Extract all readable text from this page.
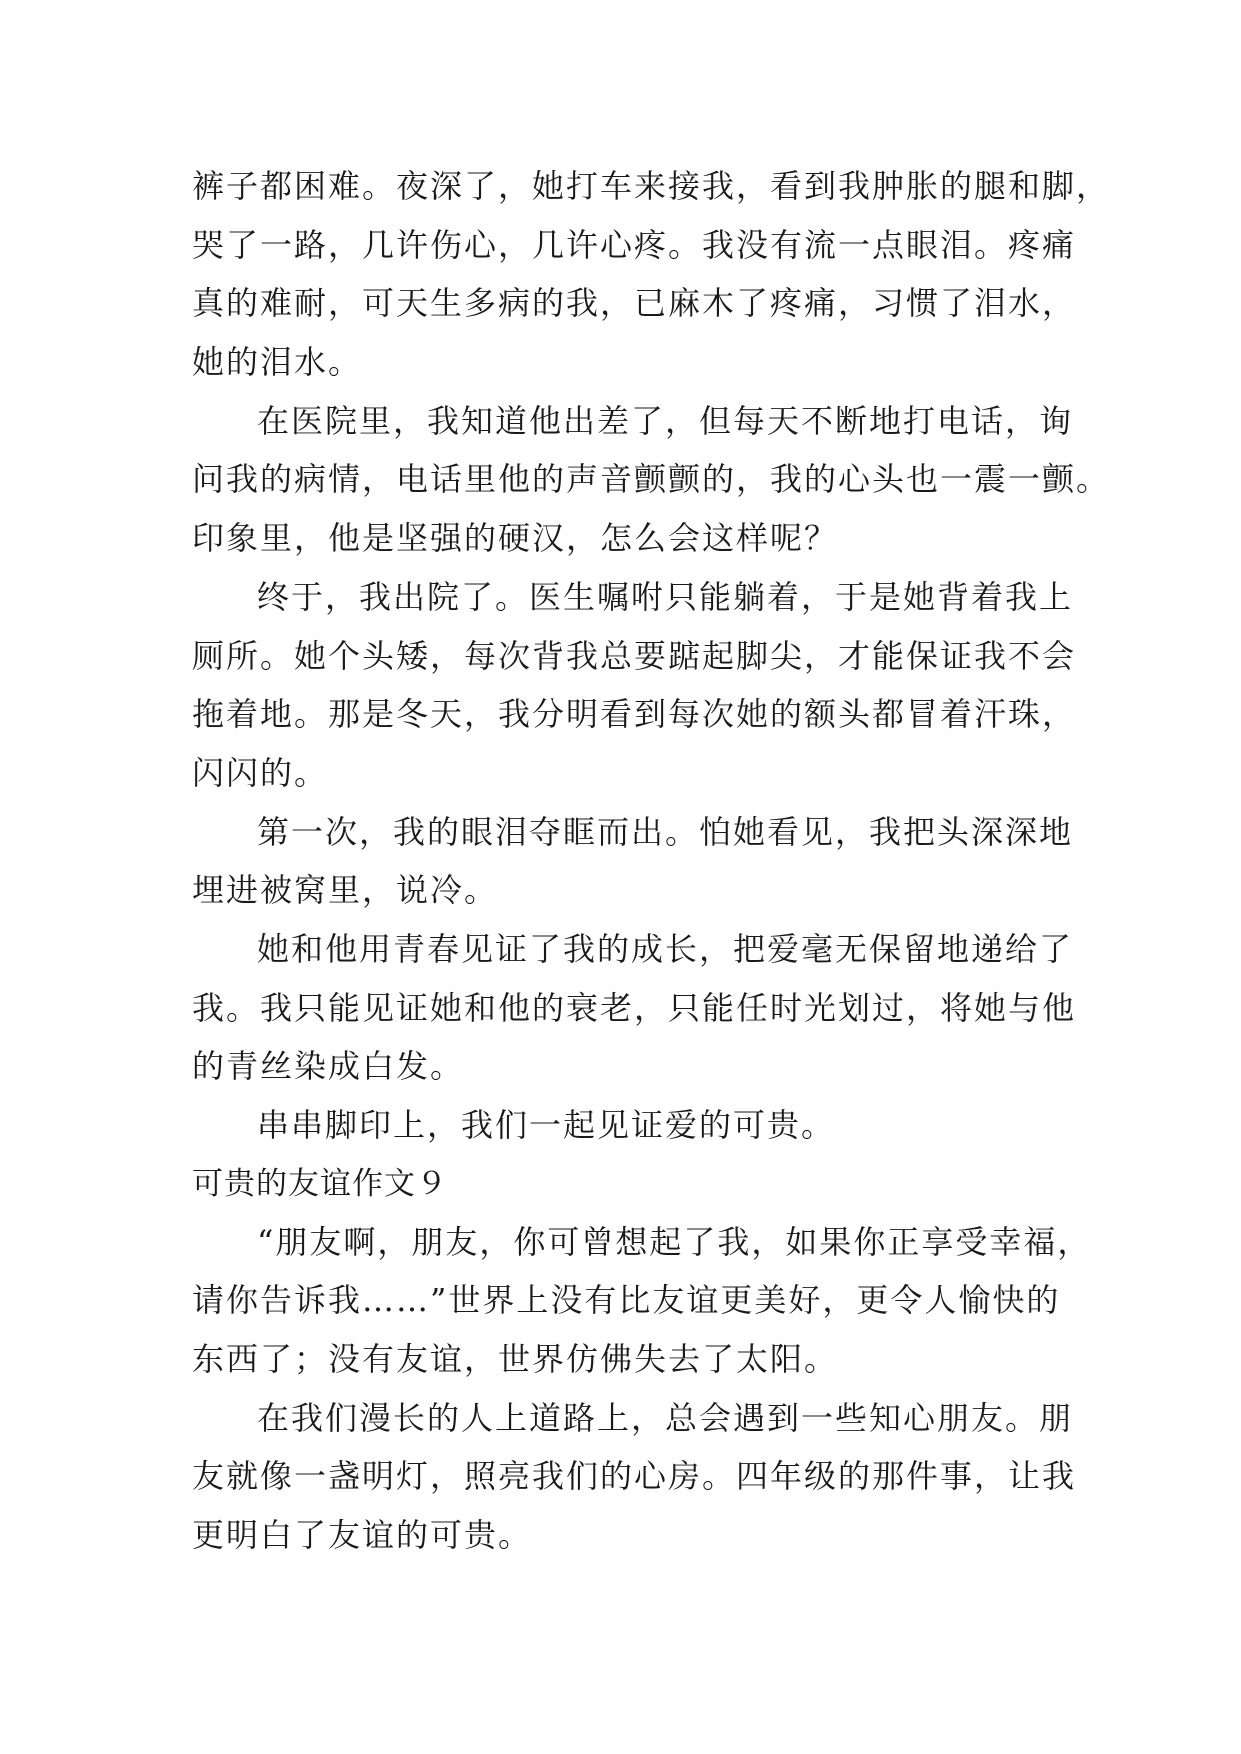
裤子都困难。夜深了，她打车来接我，看到我肿胀的腿和脚，
哭了一路，几许伤心，几许心疼。我没有流一点眼泪。疼痛
真的难耐，可天生多病的我，已麻木了疼痛，习惯了泪水，
她的泪水。
在医院里，我知道他出差了，但每天不断地打电话，询
问我的病情，电话里他的声音颤颤的，我的心头也一震一颤。
印象里，他是坚强的硬汉，怎么会这样呢？
终于，我出院了。医生嘱咐只能躺着，于是她背着我上
厕所。她个头矮，每次背我总要踮起脚尖，才能保证我不会
拖着地。那是冬天，我分明看到每次她的额头都冒着汗珠，
闪闪的。
第一次，我的眼泪夺眶而出。怕她看见，我把头深深地
埋进被窝里，说冷。
她和他用青春见证了我的成长，把爱毫无保留地递给了
我。我只能见证她和他的衰老，只能任时光划过，将她与他
的青丝染成白发。
串串脚印上，我们一起见证爱的可贵。
可贵的友谊作文９
“朋友啊，朋友，你可曾想起了我，如果你正享受幸福，
请你告诉我……”世界上没有比友谊更美好，更令人愉快的
东西了；没有友谊，世界仿佛失去了太阳。
在我们漫长的人上道路上，总会遇到一些知心朋友。朋
友就像一盏明灯，照亮我们的心房。四年级的那件事，让我
更明白了友谊的可贵。
